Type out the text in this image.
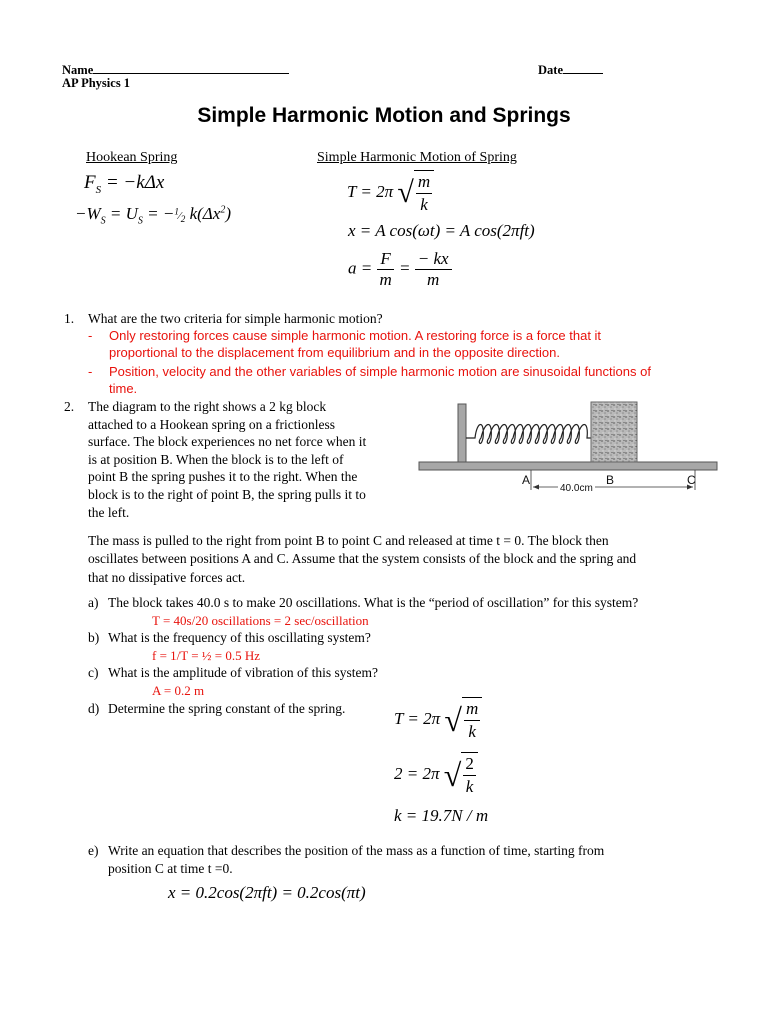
Name	Date
AP Physics 1
Simple Harmonic Motion and Springs
Hookean Spring	Simple Harmonic Motion of Spring
$F_S = -k\Delta x$
$-W_S = U_S$ = $-^1⁄_2$ $k(\Delta x^2)$
T = 2π √ m
k
x = A cos(ωt) = A cos(2πft)
$a = \frac{F}{m} = \frac{- kx}{m}$
1. What are the two criteria for simple harmonic motion?
- Only restoring forces cause simple harmonic motion. A restoring force is a force that it
proportional to the displacement from equilibrium and in the opposite direction.
- Position, velocity and the other variables of simple harmonic motion are sinusoidal functions of
time.
2. The diagram to the right shows a 2 kg block
attached to a Hookean spring on a frictionless
surface. The block experiences no net force when it
is at position B. When the block is to the left of
point B the spring pushes it to the right. When the
block is to the right of point B, the spring pulls it to
the left.
A	B	C
40.0cm
The mass is pulled to the right from point B to point C and released at time t = 0. The block then
oscillates between positions A and C. Assume that the system consists of the block and the spring and
that no dissipative forces act.
a) The block takes 40.0 s to make 20 oscillations. What is the “period of oscillation” for this system?
T = 40s/20 oscillations = 2 sec/oscillation
b) What is the frequency of this oscillating system?
f = 1/T = ½ = 0.5 Hz
c) What is the amplitude of vibration of this system?
A = 0.2 m
d) Determine the spring constant of the spring.
T = 2π √ m
k
2 = 2π √ 2
k
k = 19.7N / m
e) Write an equation that describes the position of the mass as a function of time, starting from
position C at time t =0.
x = 0.2cos(2πft) = 0.2cos(πt)
